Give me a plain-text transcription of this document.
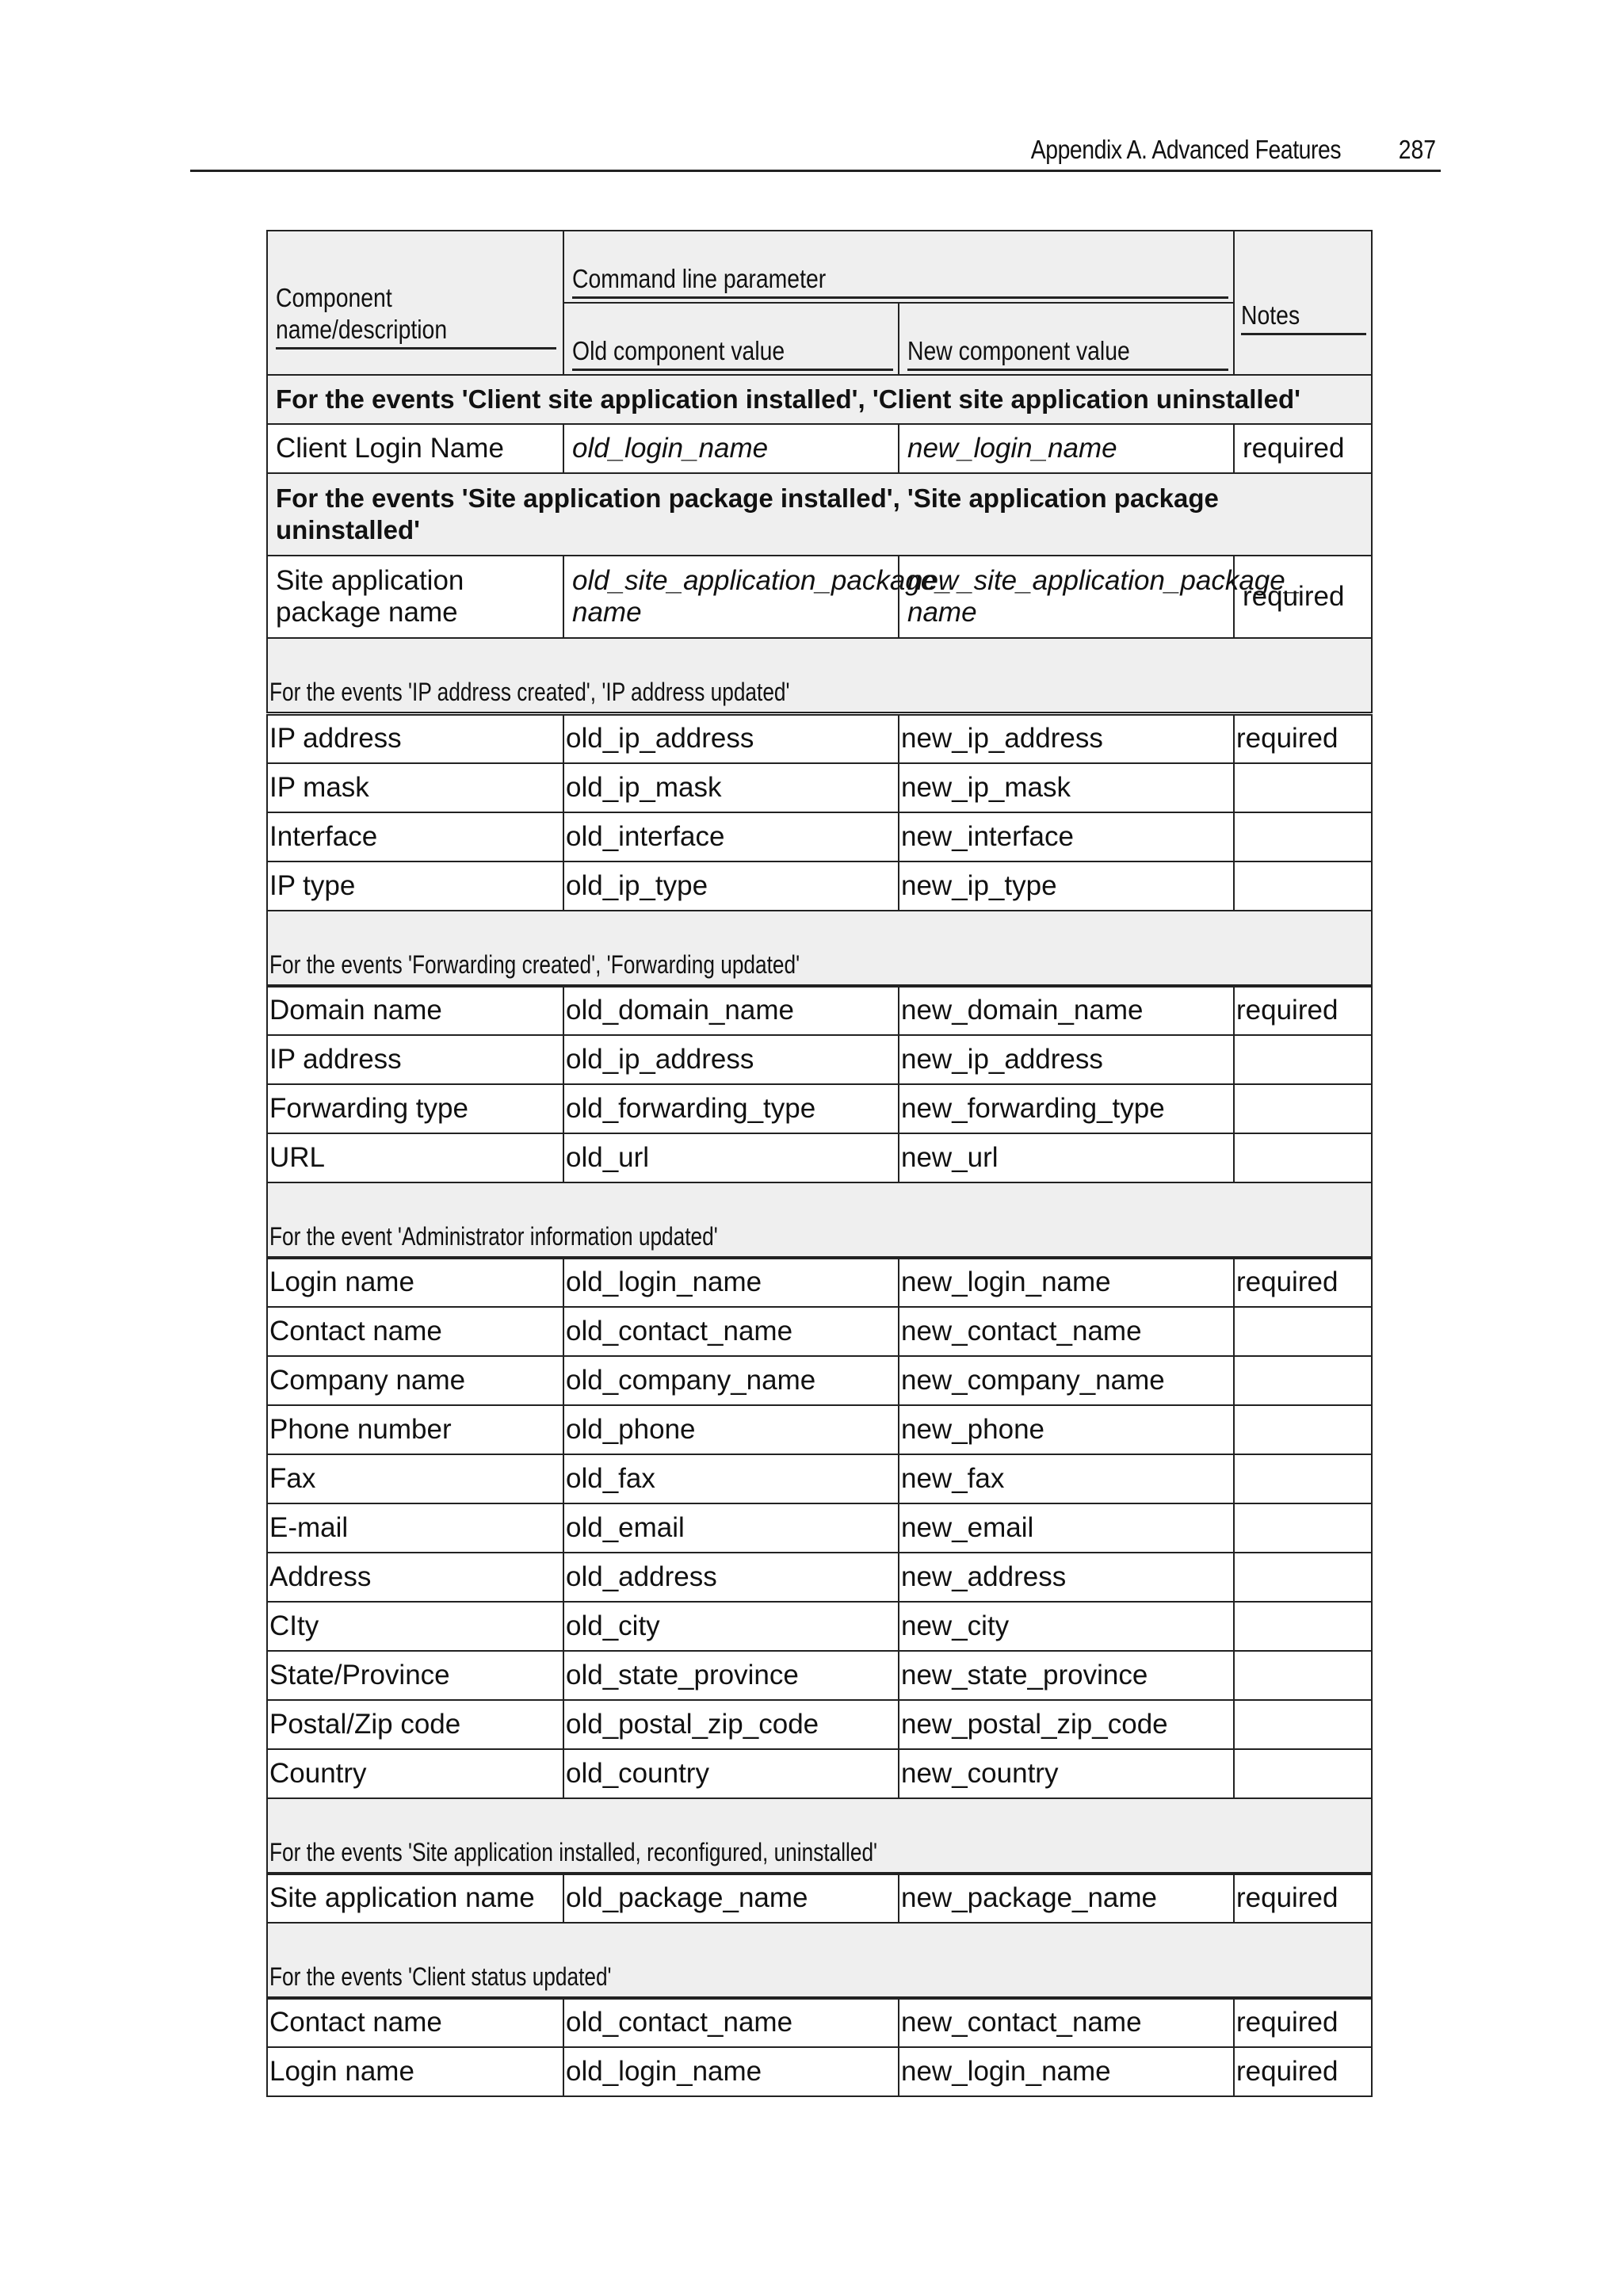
Appendix A. Advanced Features 287
Component name/description	Command line parameter		Notes

	Old component value	New component value	

For the events 'Client site application installed', 'Client site application uninstalled'			
Client Login Name	old_login_name	new_login_name	required
For the events 'Site application package installed', 'Site application package uninstalled'			
Site application package name	old_site_application_package_ name	new_site_application_package_ name	required

For the events 'IP address created', 'IP address updated'			

IP address	old_ip_address	new_ip_address	required
IP mask	old_ip_mask	new_ip_mask	
Interface	old_interface	new_interface	
IP type	old_ip_type	new_ip_type	

For the events 'Forwarding created', 'Forwarding updated'			

Domain name	old_domain_name	new_domain_name	required
IP address	old_ip_address	new_ip_address	
Forwarding type	old_forwarding_type	new_forwarding_type	
URL	old_url	new_url	

For the event 'Administrator information updated'			

Login name	old_login_name	new_login_name	required
Contact name	old_contact_name	new_contact_name	
Company name	old_company_name	new_company_name	
Phone number	old_phone	new_phone	
Fax	old_fax	new_fax	
E-mail	old_email	new_email	
Address	old_address	new_address	
CIty	old_city	new_city	
State/Province	old_state_province	new_state_province	
Postal/Zip code	old_postal_zip_code	new_postal_zip_code	
Country	old_country	new_country	

For the events 'Site application installed, reconfigured, uninstalled'			

Site application name	old_package_name	new_package_name	required

For the events 'Client status updated'			

Contact name	old_contact_name	new_contact_name	required
Login name	old_login_name	new_login_name	required
